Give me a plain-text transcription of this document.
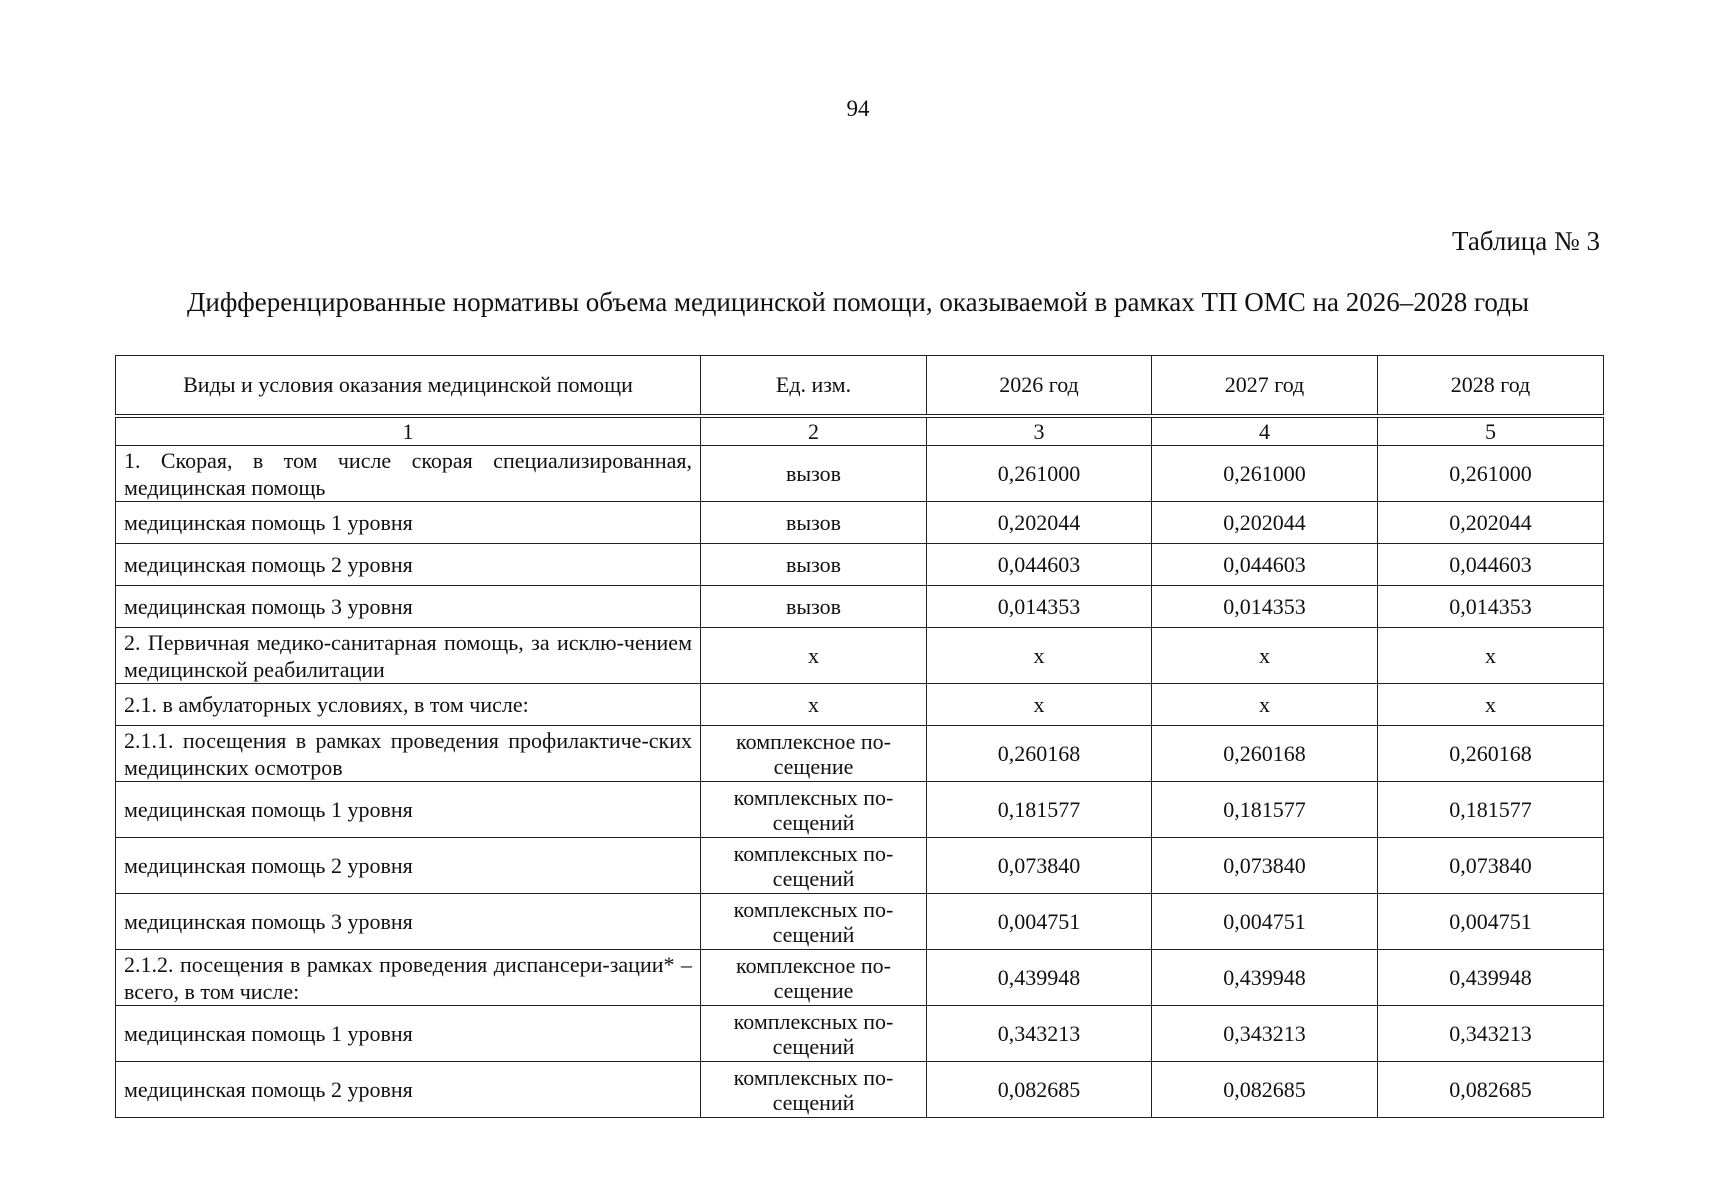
94
Таблица № 3
Дифференцированные нормативы объема медицинской помощи, оказываемой в рамках ТП ОМС на 2026–2028 годы
Виды и условия оказания медицинской помощи	Ед. изм.	2026 год	2027 год	2028 год
1	2	3	4	5
1. Скорая, в том числе скорая специализированная, медицинская помощь	вызов	0,261000	0,261000	0,261000
медицинская помощь 1 уровня	вызов	0,202044	0,202044	0,202044
медицинская помощь 2 уровня	вызов	0,044603	0,044603	0,044603
медицинская помощь 3 уровня	вызов	0,014353	0,014353	0,014353
2. Первичная медико-санитарная помощь, за исклю-чением медицинской реабилитации	x	x	x	x
2.1. в амбулаторных условиях, в том числе:	x	x	x	x
2.1.1. посещения в рамках проведения профилактиче-ских медицинских осмотров	комплексное по-сещение	0,260168	0,260168	0,260168
медицинская помощь 1 уровня	комплексных по-сещений	0,181577	0,181577	0,181577
медицинская помощь 2 уровня	комплексных по-сещений	0,073840	0,073840	0,073840
медицинская помощь 3 уровня	комплексных по-сещений	0,004751	0,004751	0,004751
2.1.2. посещения в рамках проведения диспансери-зации* – всего, в том числе:	комплексное по-сещение	0,439948	0,439948	0,439948
медицинская помощь 1 уровня	комплексных по-сещений	0,343213	0,343213	0,343213
медицинская помощь 2 уровня	комплексных по-сещений	0,082685	0,082685	0,082685
